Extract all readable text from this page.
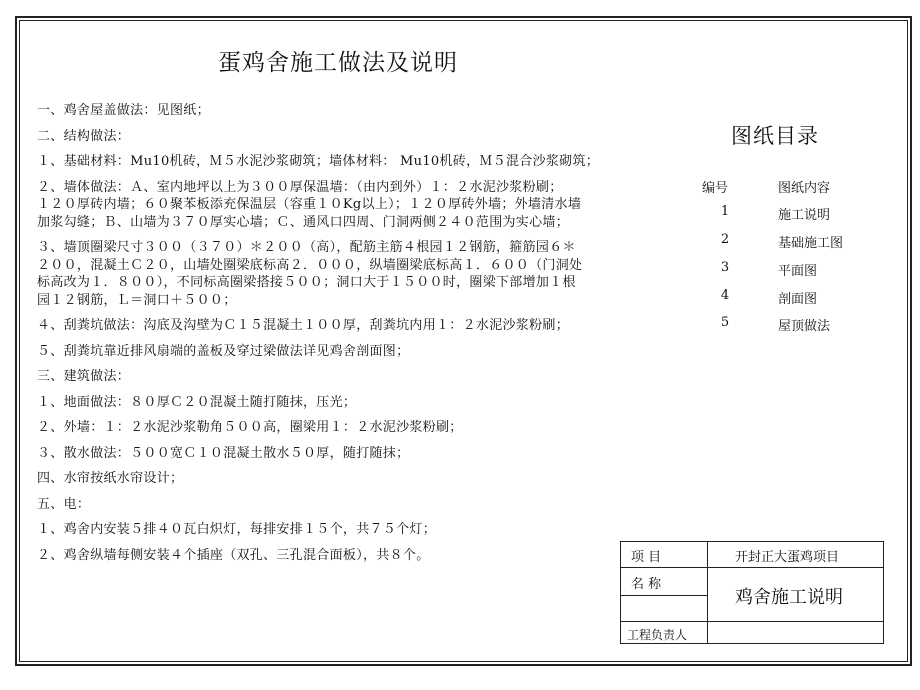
蛋鸡舍施工做法及说明
一、鸡舍屋盖做法：见图纸；
二、结构做法：
１、基础材料：Mu10机砖，Ｍ５水泥沙浆砌筑；墙体材料： Mu10机砖，Ｍ５混合沙浆砌筑；
２、墙体做法：Ａ、室内地坪以上为３００厚保温墙：（由内到外）１：２水泥沙浆粉刷；
１２０厚砖内墙；６０聚苯板添充保温层（容重１０Kg以上）；１２０厚砖外墙；外墙清水墙
加浆勾缝；Ｂ、山墙为３７０厚实心墙；Ｃ、通风口四周、门洞两侧２４０范围为实心墙；
３、墙顶圈梁尺寸３００（３７０）＊２００（高），配筋主筋４根园１２钢筋，箍筋园６＊
２００，混凝土Ｃ２０，山墙处圈梁底标高２．０００，纵墙圈梁底标高１．６００（门洞处
标高改为１．８００），不同标高圈梁搭接５００；洞口大于１５００时，圈梁下部增加１根
园１２钢筋，Ｌ＝洞口＋５００；
４、刮粪坑做法：沟底及沟壁为Ｃ１５混凝土１００厚，刮粪坑内用１：２水泥沙浆粉刷；
５、刮粪坑靠近排风扇端的盖板及穿过梁做法详见鸡舍剖面图；
三、建筑做法：
１、地面做法：８０厚Ｃ２０混凝土随打随抹，压光；
２、外墙：１：２水泥沙浆勒角５００高，圈梁用１：２水泥沙浆粉刷；
３、散水做法：５００宽Ｃ１０混凝土散水５０厚，随打随抹；
四、水帘按纸水帘设计；
五、电：
１、鸡舍内安装５排４０瓦白炽灯，每排安排１５个，共７５个灯；
２、鸡舍纵墙每侧安装４个插座（双孔、三孔混合面板），共８个。
图纸目录
编号	图纸内容
1	施工说明
2	基础施工图
3	平面图
4	剖面图
5	屋顶做法
项 目	开封正大蛋鸡项目
名 称
鸡舍施工说明
工程负责人
